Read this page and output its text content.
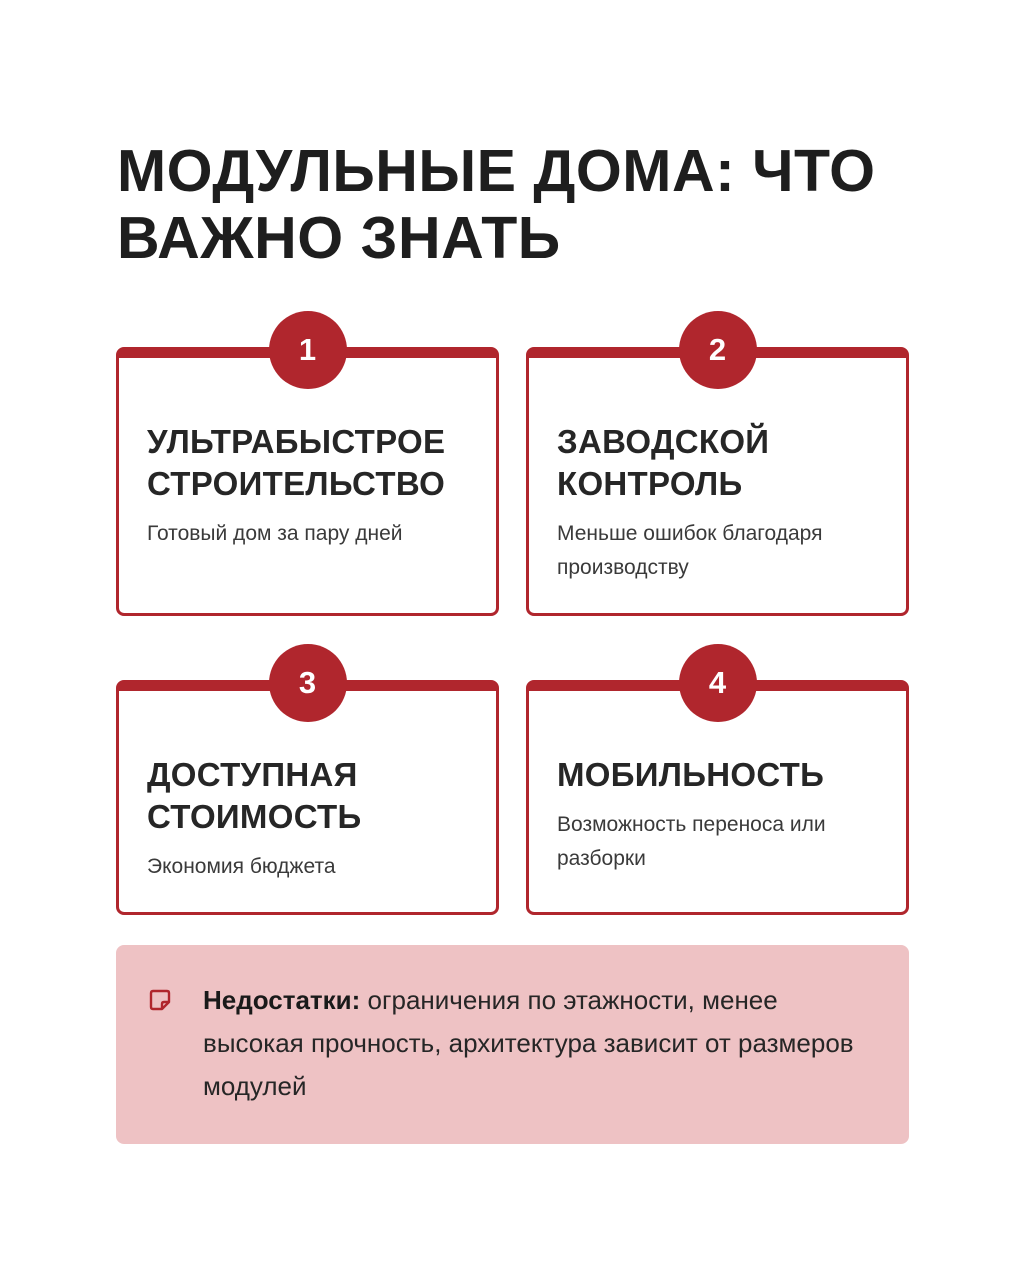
МОДУЛЬНЫЕ ДОМА: ЧТО ВАЖНО ЗНАТЬ
1
УЛЬТРАБЫСТРОЕ СТРОИТЕЛЬСТВО

Готовый дом за пару дней

2
ЗАВОДСКОЙ КОНТРОЛЬ

Меньше ошибок благодаря производству

3
ДОСТУПНАЯ СТОИМОСТЬ

Экономия бюджета

4
МОБИЛЬНОСТЬ

Возможность переноса или разборки

Недостатки: ограничения по этажности, менее высокая прочность, архитектура зависит от размеров модулей
